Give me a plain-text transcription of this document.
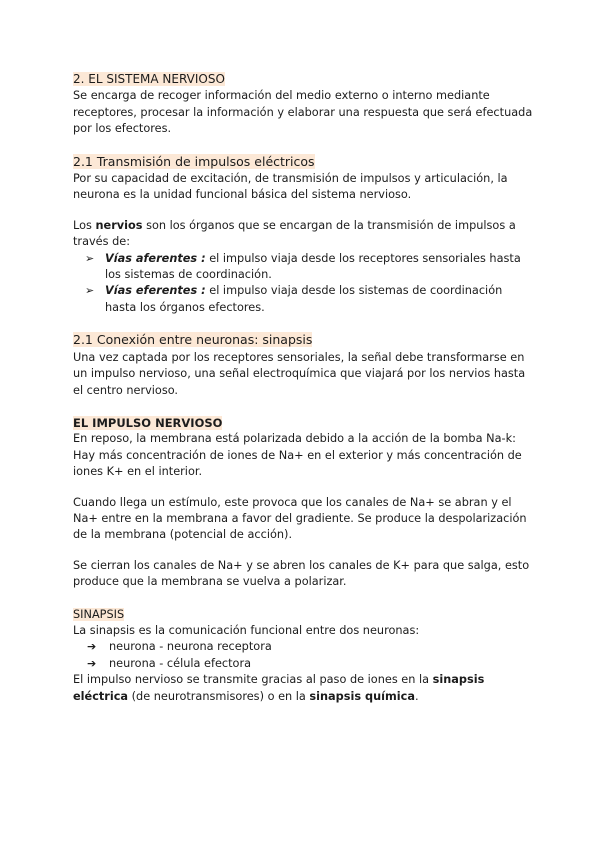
2. EL SISTEMA NERVIOSO

Se encarga de recoger información del medio externo o interno mediante receptores, procesar la información y elaborar una respuesta que será efectuada por los efectores.

2.1 Transmisión de impulsos eléctricos

Por su capacidad de excitación, de transmisión de impulsos y articulación, la neurona es la unidad funcional básica del sistema nervioso.

Los nervios son los órganos que se encargan de la transmisión de impulsos a través de:

➢ Vías aferentes : el impulso viaja desde los receptores sensoriales hasta los sistemas de coordinación.
➢ Vías eferentes : el impulso viaja desde los sistemas de coordinación hasta los órganos efectores.

2.1 Conexión entre neuronas: sinapsis

Una vez captada por los receptores sensoriales, la señal debe transformarse en un impulso nervioso, una señal electroquímica que viajará por los nervios hasta el centro nervioso.

EL IMPULSO NERVIOSO

En reposo, la membrana está polarizada debido a la acción de la bomba Na-k:

Hay más concentración de iones de Na+ en el exterior y más concentración de iones K+ en el interior.

Cuando llega un estímulo, este provoca que los canales de Na+ se abran y el Na+ entre en la membrana a favor del gradiente. Se produce la despolarización de la membrana (potencial de acción).

Se cierran los canales de Na+ y se abren los canales de K+ para que salga, esto produce que la membrana se vuelva a polarizar.

SINAPSIS

La sinapsis es la comunicación funcional entre dos neuronas:

➔ neurona - neurona receptora
➔ neurona - célula efectora

El impulso nervioso se transmite gracias al paso de iones en la sinapsis eléctrica (de neurotransmisores) o en la sinapsis química.
